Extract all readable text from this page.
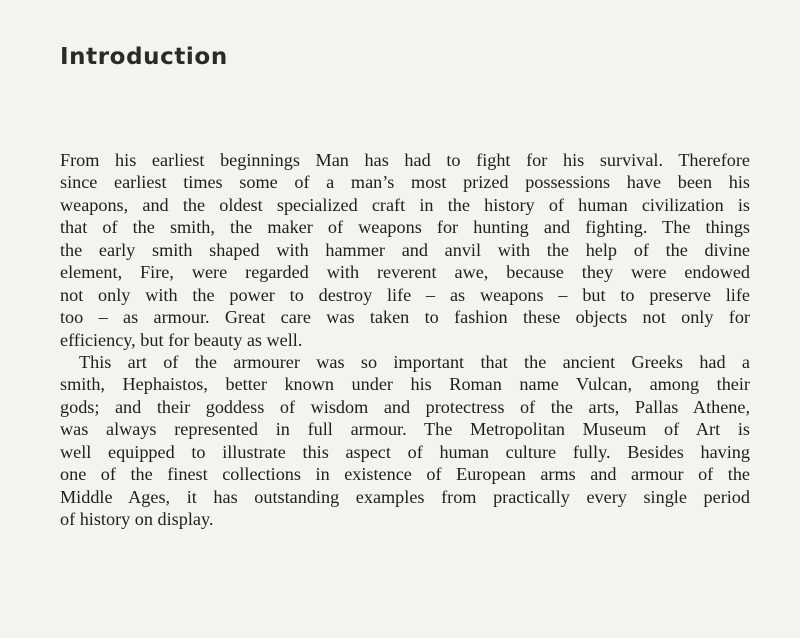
Introduction
From his earliest beginnings Man has had to fight for his survival. Therefore
since earliest times some of a man’s most prized possessions have been his
weapons, and the oldest specialized craft in the history of human civilization is
that of the smith, the maker of weapons for hunting and fighting. The things
the early smith shaped with hammer and anvil with the help of the divine
element, Fire, were regarded with reverent awe, because they were endowed
not only with the power to destroy life – as weapons – but to preserve life
too – as armour. Great care was taken to fashion these objects not only for
efficiency, but for beauty as well.
This art of the armourer was so important that the ancient Greeks had a
smith, Hephaistos, better known under his Roman name Vulcan, among their
gods; and their goddess of wisdom and protectress of the arts, Pallas Athene,
was always represented in full armour. The Metropolitan Museum of Art is
well equipped to illustrate this aspect of human culture fully. Besides having
one of the finest collections in existence of European arms and armour of the
Middle Ages, it has outstanding examples from practically every single period
of history on display.
